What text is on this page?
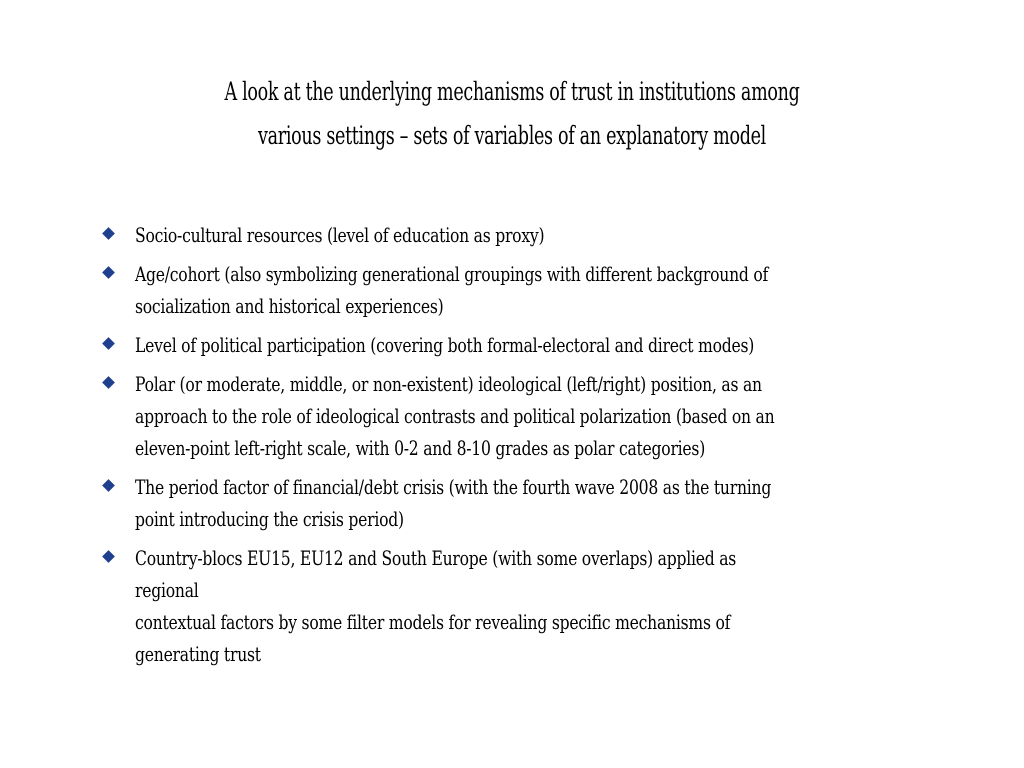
A look at the underlying mechanisms of trust in institutions among
various settings – sets of variables of an explanatory model
Socio-cultural resources (level of education as proxy)
Age/cohort (also symbolizing generational groupings with different background of
socialization and historical experiences)
Level of political participation (covering both formal-electoral and direct modes)
Polar (or moderate, middle, or non-existent) ideological (left/right) position, as an
approach to the role of ideological contrasts and political polarization (based on an
eleven-point left-right scale, with 0-2 and 8-10 grades as polar categories)
The period factor of financial/debt crisis (with the fourth wave 2008 as the turning
point introducing the crisis period)
Country-blocs EU15, EU12 and South Europe (with some overlaps) applied as regional
contextual factors by some filter models for revealing specific mechanisms of
generating trust
